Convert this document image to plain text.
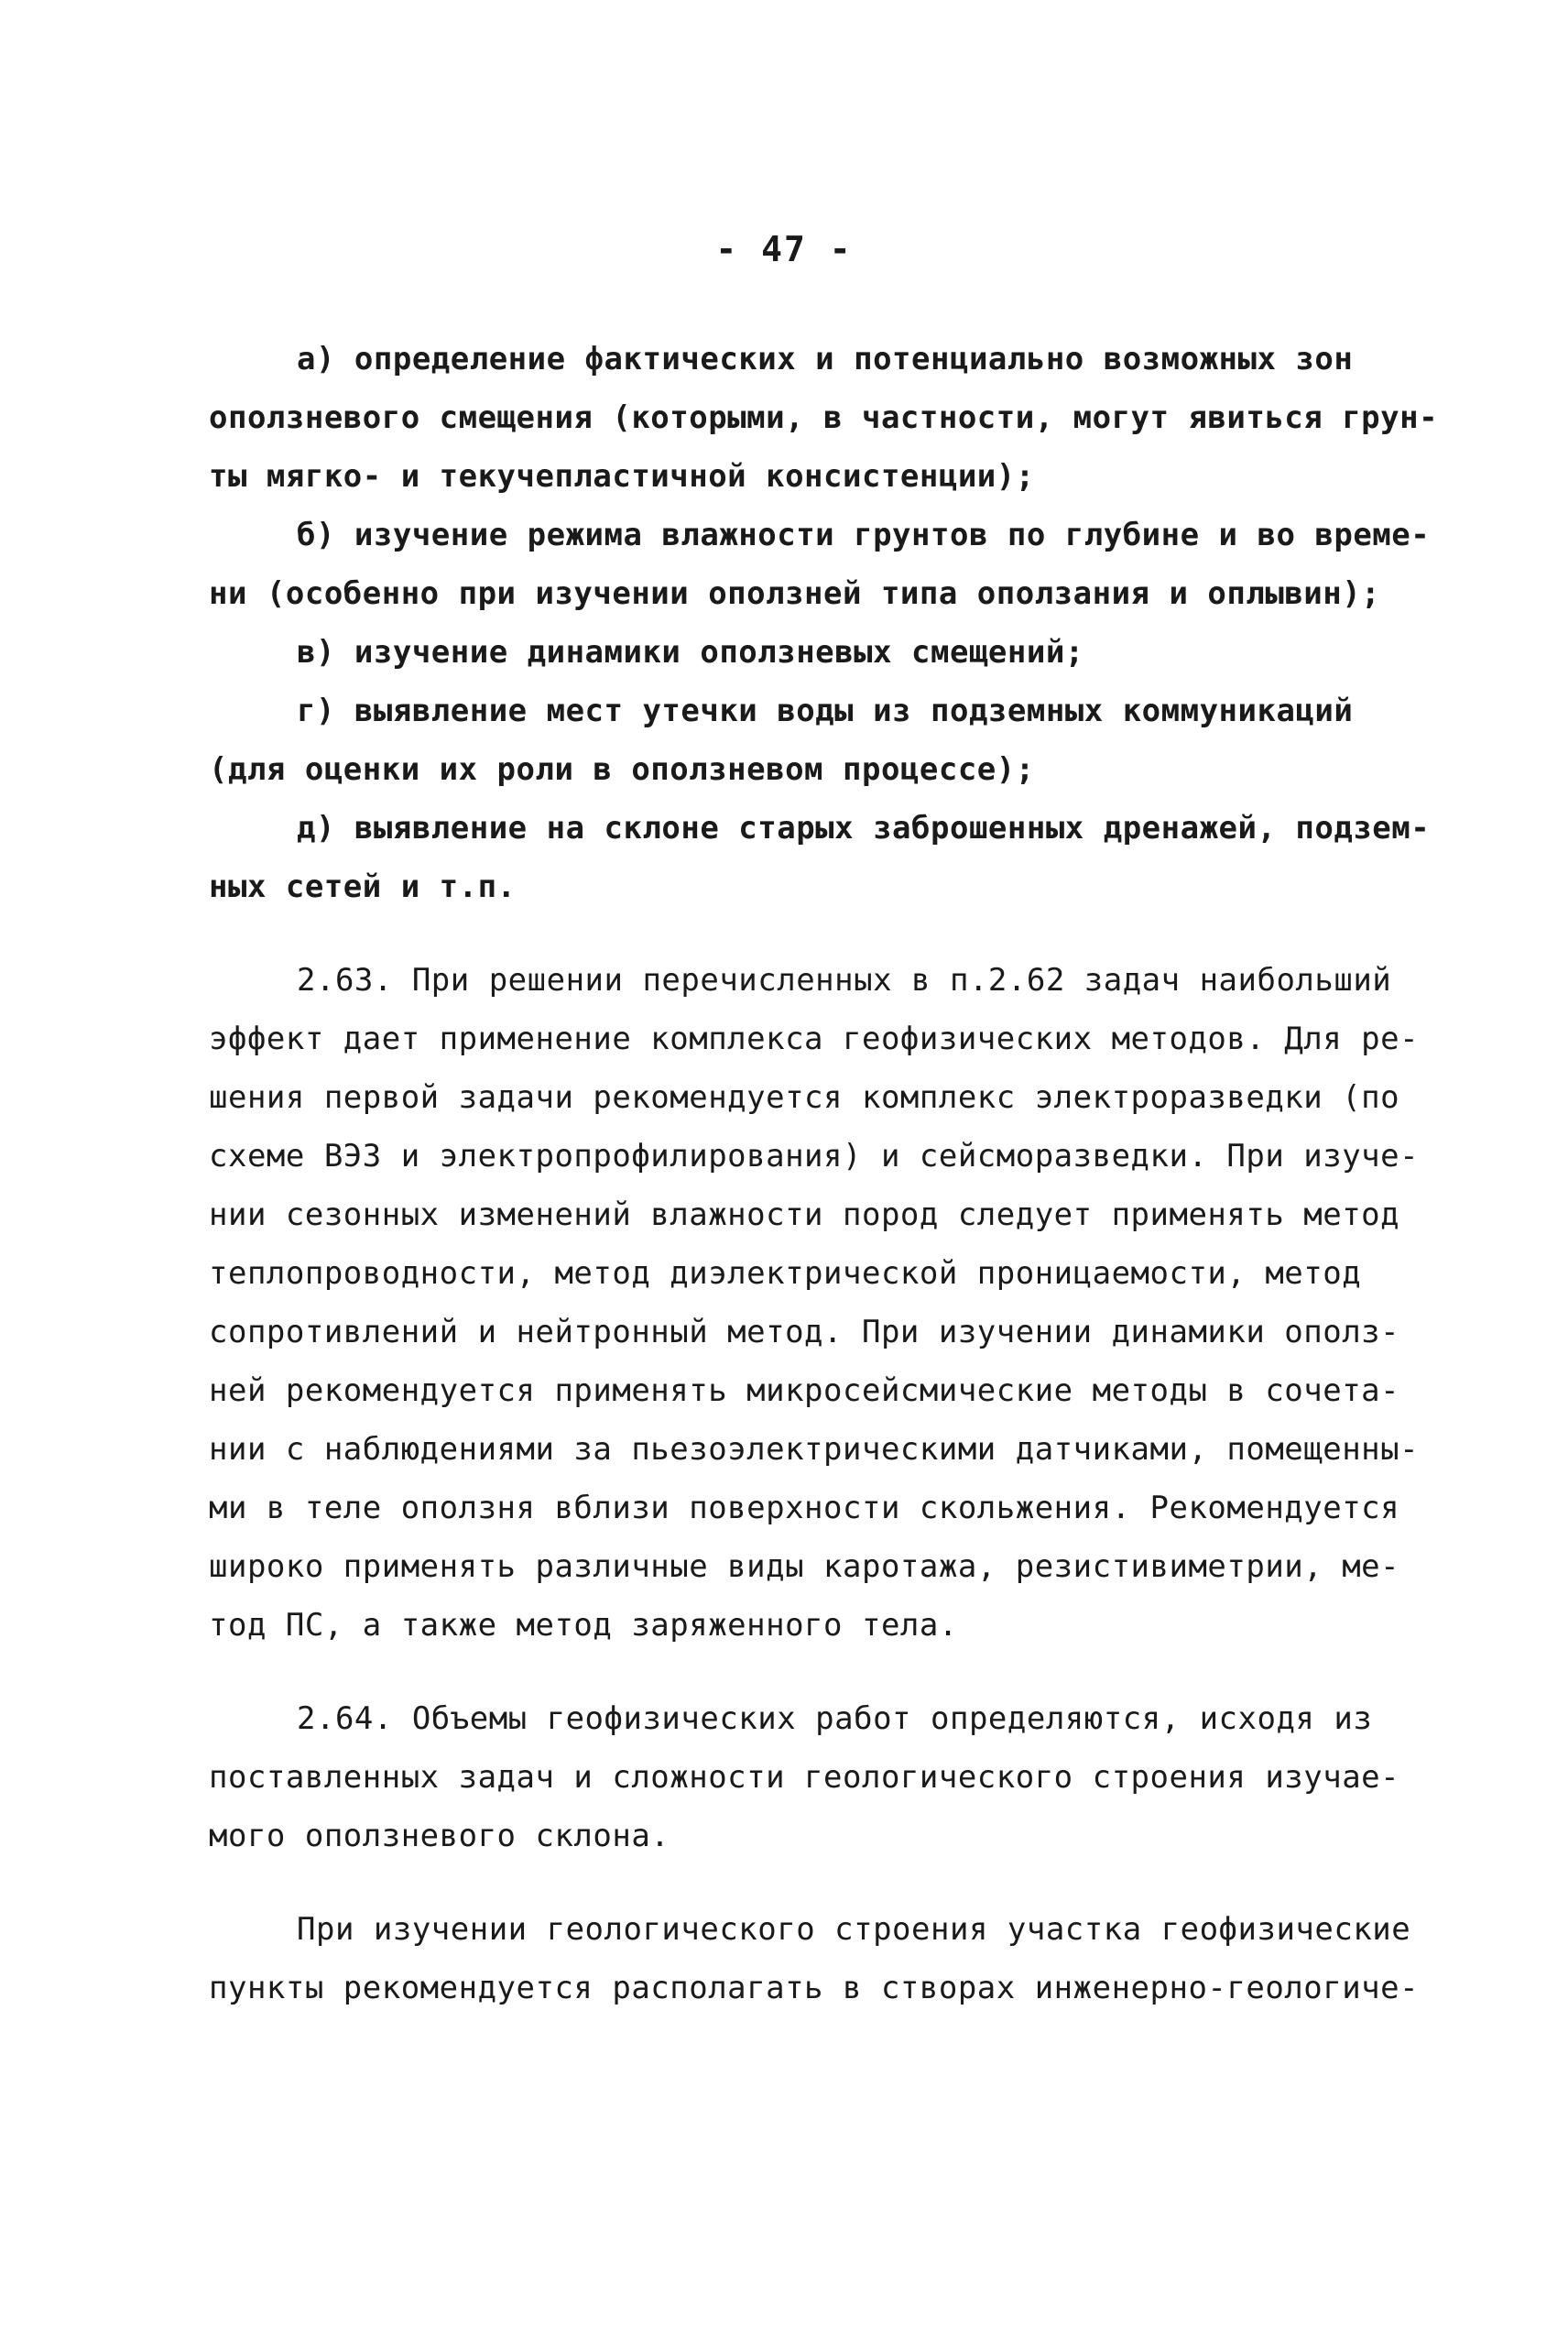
- 47 -
а) определение фактических и потенциально возможных зон
оползневого смещения (которыми, в частности, могут явиться грун-
ты мягко- и текучепластичной консистенции);
б) изучение режима влажности грунтов по глубине и во време-
ни (особенно при изучении оползней типа оползания и оплывин);
в) изучение динамики оползневых смещений;
г) выявление мест утечки воды из подземных коммуникаций
(для оценки их роли в оползневом процессе);
д) выявление на склоне старых заброшенных дренажей, подзем-
ных сетей и т.п.
2.63. При решении перечисленных в п.2.62 задач наибольший
эффект дает применение комплекса геофизических методов. Для ре-
шения первой задачи рекомендуется комплекс электроразведки (по
схеме ВЭЗ и электропрофилирования) и сейсморазведки. При изуче-
нии сезонных изменений влажности пород следует применять метод
теплопроводности, метод диэлектрической проницаемости, метод
сопротивлений и нейтронный метод. При изучении динамики ополз-
ней рекомендуется применять микросейсмические методы в сочета-
нии с наблюдениями за пьезоэлектрическими датчиками, помещенны-
ми в теле оползня вблизи поверхности скольжения. Рекомендуется
широко применять различные виды каротажа, резистивиметрии, ме-
тод ПС, а также метод заряженного тела.
2.64. Объемы геофизических работ определяются, исходя из
поставленных задач и сложности геологического строения изучае-
мого оползневого склона.
При изучении геологического строения участка геофизические
пункты рекомендуется располагать в створах инженерно-геологиче-
